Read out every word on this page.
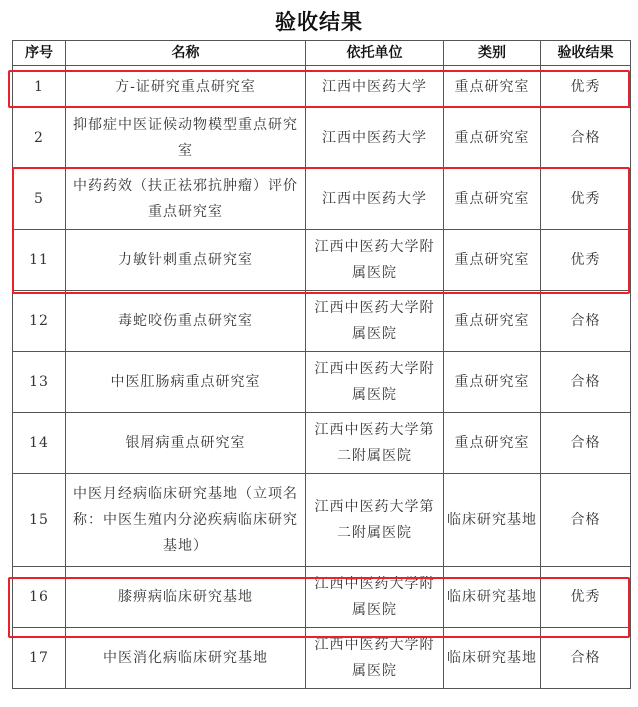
验收结果
序号	名称	依托单位	类别	验收结果
1	方-证研究重点研究室	江西中医药大学	重点研究室	优秀
2	抑郁症中医证候动物模型重点研究室	江西中医药大学	重点研究室	合格
5	中药药效（扶正祛邪抗肿瘤）评价重点研究室	江西中医药大学	重点研究室	优秀
11	力敏针刺重点研究室	江西中医药大学附属医院	重点研究室	优秀
12	毒蛇咬伤重点研究室	江西中医药大学附属医院	重点研究室	合格
13	中医肛肠病重点研究室	江西中医药大学附属医院	重点研究室	合格
14	银屑病重点研究室	江西中医药大学第二附属医院	重点研究室	合格
15	中医月经病临床研究基地（立项名称：中医生殖内分泌疾病临床研究基地）	江西中医药大学第二附属医院	临床研究基地	合格
16	膝痹病临床研究基地	江西中医药大学附属医院	临床研究基地	优秀
17	中医消化病临床研究基地	江西中医药大学附属医院	临床研究基地	合格
